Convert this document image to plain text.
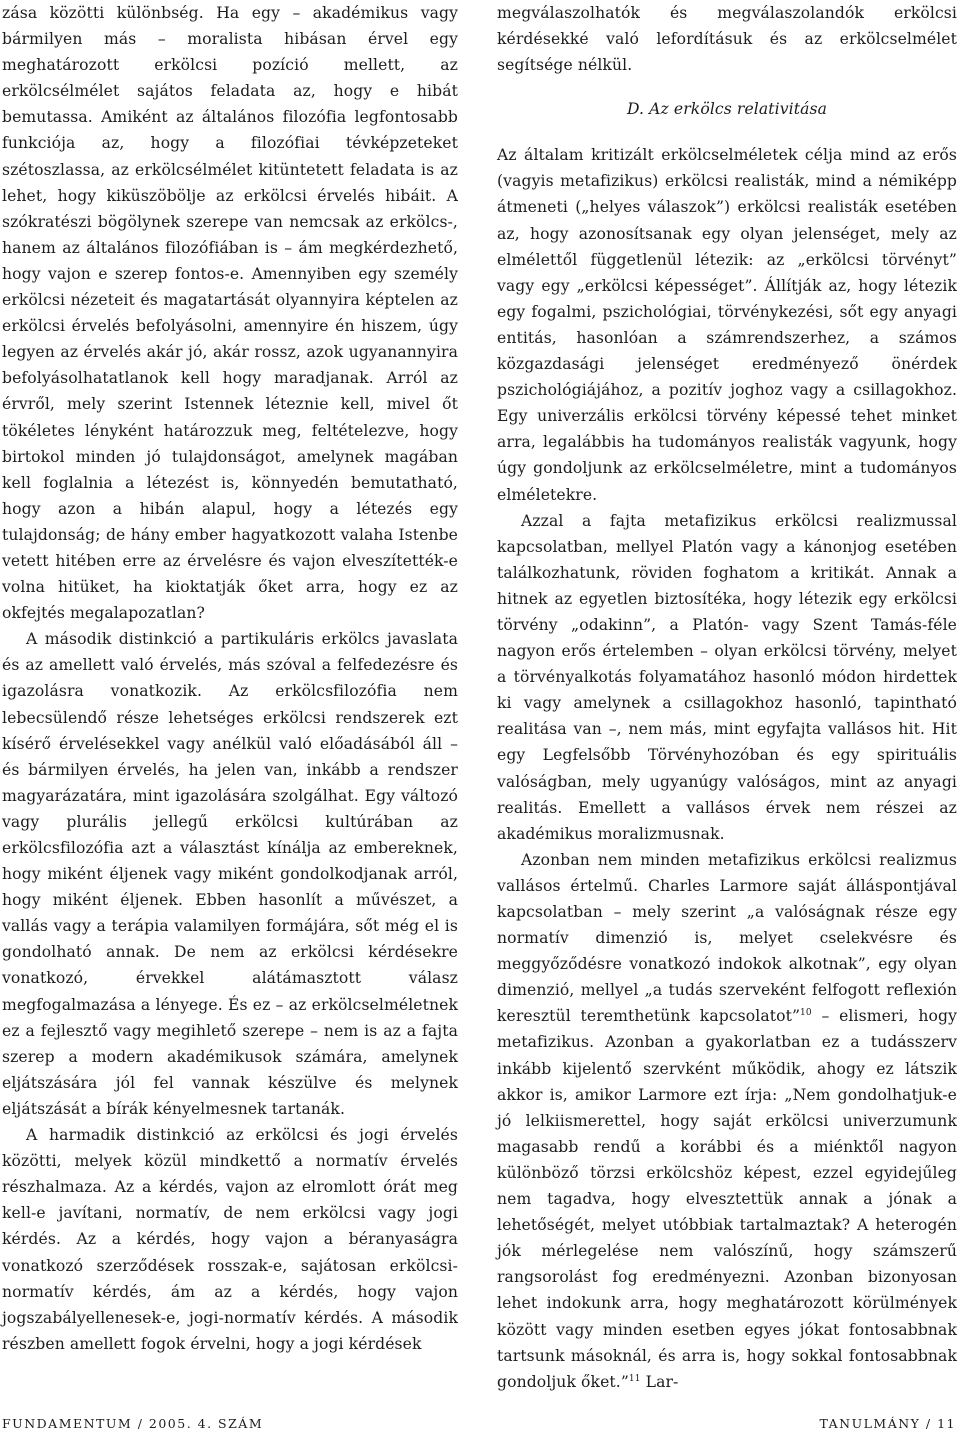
zása közötti különbség. Ha egy – akadémikus vagy bármilyen más – moralista hibásan érvel egy meghatározott erkölcsi pozíció mellett, az erkölcsélmélet sajátos feladata az, hogy e hibát bemutassa. Amiként az általános filozófia legfontosabb funkciója az, hogy a filozófiai tévképzeteket szétoszlassa, az erkölcsélmélet kitüntetett feladata is az lehet, hogy kiküszöbölje az erkölcsi érvelés hibáit. A szókratészi bögölynek szerepe van nemcsak az erkölcs-, hanem az általános filozófiában is – ám megkérdezhető, hogy vajon e szerep fontos-e. Amennyiben egy személy erkölcsi nézeteit és magatartását olyannyira képtelen az erkölcsi érvelés befolyásolni, amennyire én hiszem, úgy legyen az érvelés akár jó, akár rossz, azok ugyanannyira befolyásolhatatlanok kell hogy maradjanak. Arról az érvről, mely szerint Istennek léteznie kell, mivel őt tökéletes lényként határozzuk meg, feltételezve, hogy birtokol minden jó tulajdonságot, amelynek magában kell foglalnia a létezést is, könnyedén bemutatható, hogy azon a hibán alapul, hogy a létezés egy tulajdonság; de hány ember hagyatkozott valaha Istenbe vetett hitében erre az érvelésre és vajon elveszítették-e volna hitüket, ha kioktatják őket arra, hogy ez az okfejtés megalapozatlan?

A második distinkció a partikuláris erkölcs javaslata és az amellett való érvelés, más szóval a felfedezésre és igazolásra vonatkozik. Az erkölcsfilozófia nem lebecsülendő része lehetséges erkölcsi rendszerek ezt kísérő érvelésekkel vagy anélkül való előadásából áll – és bármilyen érvelés, ha jelen van, inkább a rendszer magyarázatára, mint igazolására szolgálhat. Egy változó vagy plurális jellegű erkölcsi kultúrában az erkölcsfilozófia azt a választást kínálja az embereknek, hogy miként éljenek vagy miként gondolkodjanak arról, hogy miként éljenek. Ebben hasonlít a művészet, a vallás vagy a terápia valamilyen formájára, sőt még el is gondolható annak. De nem az erkölcsi kérdésekre vonatkozó, érvekkel alátámasztott válasz megfogalmazása a lényege. És ez – az erkölcselméletnek ez a fejlesztő vagy megihlető szerepe – nem is az a fajta szerep a modern akadémikusok számára, amelynek eljátszására jól fel vannak készülve és melynek eljátszását a bírák kényelmesnek tartanák.

A harmadik distinkció az erkölcsi és jogi érvelés közötti, melyek közül mindkettő a normatív érvelés részhalmaza. Az a kérdés, vajon az elromlott órát meg kell-e javítani, normatív, de nem erkölcsi vagy jogi kérdés. Az a kérdés, hogy vajon a béranyaságra vonatkozó szerződések rosszak-e, sajátosan erkölcsi-normatív kérdés, ám az a kérdés, hogy vajon jogszabályellenesek-e, jogi-normatív kérdés. A második részben amellett fogok érvelni, hogy a jogi kérdések

megválaszolhatók és megválaszolandók erkölcsi kérdésekké való lefordításuk és az erkölcselmélet segítsége nélkül.

D. Az erkölcs relativitása

Az általam kritizált erkölcselméletek célja mind az erős (vagyis metafizikus) erkölcsi realisták, mind a némiképp átmeneti („helyes válaszok”) erkölcsi realisták esetében az, hogy azonosítsanak egy olyan jelenséget, mely az elmélettől függetlenül létezik: az „erkölcsi törvényt” vagy egy „erkölcsi képességet”. Állítják az, hogy létezik egy fogalmi, pszichológiai, törvénykezési, sőt egy anyagi entitás, hasonlóan a számrendszerhez, a számos közgazdasági jelenséget eredményező önérdek pszichológiájához, a pozitív joghoz vagy a csillagokhoz. Egy univerzális erkölcsi törvény képessé tehet minket arra, legalábbis ha tudományos realisták vagyunk, hogy úgy gondoljunk az erkölcselméletre, mint a tudományos elméletekre.

Azzal a fajta metafizikus erkölcsi realizmussal kapcsolatban, mellyel Platón vagy a kánonjog esetében találkozhatunk, röviden foghatom a kritikát. Annak a hitnek az egyetlen biztosítéka, hogy létezik egy erkölcsi törvény „odakinn”, a Platón- vagy Szent Tamás-féle nagyon erős értelemben – olyan erkölcsi törvény, melyet a törvényalkotás folyamatához hasonló módon hirdettek ki vagy amelynek a csillagokhoz hasonló, tapintható realitása van –, nem más, mint egyfajta vallásos hit. Hit egy Legfelsőbb Törvényhozóban és egy spirituális valóságban, mely ugyanúgy valóságos, mint az anyagi realitás. Emellett a vallásos érvek nem részei az akadémikus moralizmusnak.

Azonban nem minden metafizikus erkölcsi realizmus vallásos értelmű. Charles Larmore saját álláspontjával kapcsolatban – mely szerint „a valóságnak része egy normatív dimenzió is, melyet cselekvésre és meggyőződésre vonatkozó indokok alkotnak”, egy olyan dimenzió, mellyel „a tudás szerveként felfogott reflexión keresztül teremthetünk kapcsolatot”$^{10}$ – elismeri, hogy metafizikus. Azonban a gyakorlatban ez a tudásszerv inkább kijelentő szervként működik, ahogy ez látszik akkor is, amikor Larmore ezt írja: „Nem gondolhatjuk-e jó lelkiismerettel, hogy saját erkölcsi univerzumunk magasabb rendű a korábbi és a miénktől nagyon különböző törzsi erkölcshöz képest, ezzel egyidejűleg nem tagadva, hogy elvesztettük annak a jónak a lehetőségét, melyet utóbbiak tartalmaztak? A heterogén jók mérlegelése nem valószínű, hogy számszerű rangsorolást fog eredményezni. Azonban bizonyosan lehet indokunk arra, hogy meghatározott körülmények között vagy minden esetben egyes jókat fontosabbnak tartsunk másoknál, és arra is, hogy sokkal fontosabbnak gondoljuk őket.”$^{11}$ Lar-

FUNDAMENTUM / 2005. 4. SZÁM	TANULMÁNY / 11
